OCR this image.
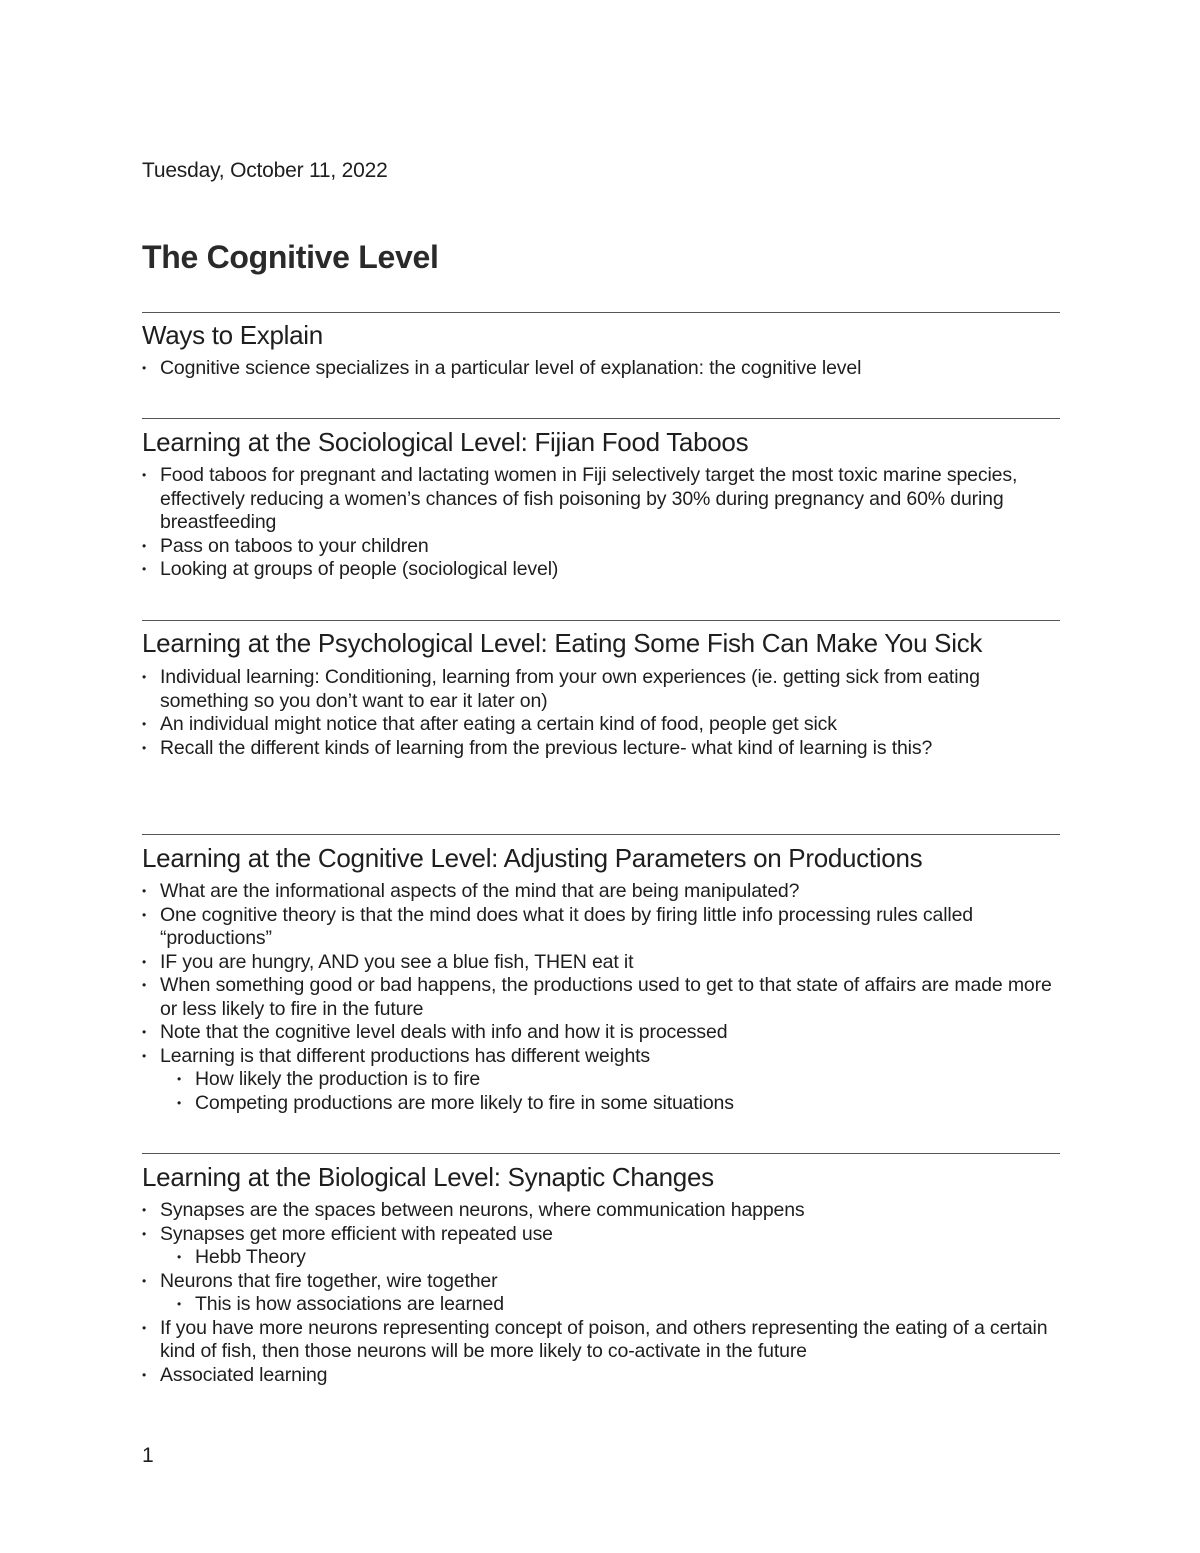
Tuesday, October 11, 2022
The Cognitive Level
Ways to Explain
• Cognitive science specializes in a particular level of explanation: the cognitive level
Learning at the Sociological Level: Fijian Food Taboos
• Food taboos for pregnant and lactating women in Fiji selectively target the most toxic marine species, effectively reducing a women’s chances of fish poisoning by 30% during pregnancy and 60% during breastfeeding
• Pass on taboos to your children
• Looking at groups of people (sociological level)
Learning at the Psychological Level: Eating Some Fish Can Make You Sick
• Individual learning: Conditioning, learning from your own experiences (ie. getting sick from eating something so you don’t want to ear it later on)
• An individual might notice that after eating a certain kind of food, people get sick
• Recall the different kinds of learning from the previous lecture- what kind of learning is this?
Learning at the Cognitive Level: Adjusting Parameters on Productions
• What are the informational aspects of the mind that are being manipulated?
• One cognitive theory is that the mind does what it does by firing little info processing rules called “productions”
• IF you are hungry, AND you see a blue fish, THEN eat it
• When something good or bad happens, the productions used to get to that state of affairs are made more or less likely to fire in the future
• Note that the cognitive level deals with info and how it is processed
• Learning is that different productions has different weights
• How likely the production is to fire
• Competing productions are more likely to fire in some situations
Learning at the Biological Level: Synaptic Changes
• Synapses are the spaces between neurons, where communication happens
• Synapses get more efficient with repeated use
• Hebb Theory
• Neurons that fire together, wire together
• This is how associations are learned
• If you have more neurons representing concept of poison, and others representing the eating of a certain kind of fish, then those neurons will be more likely to co-activate in the future
• Associated learning
1
